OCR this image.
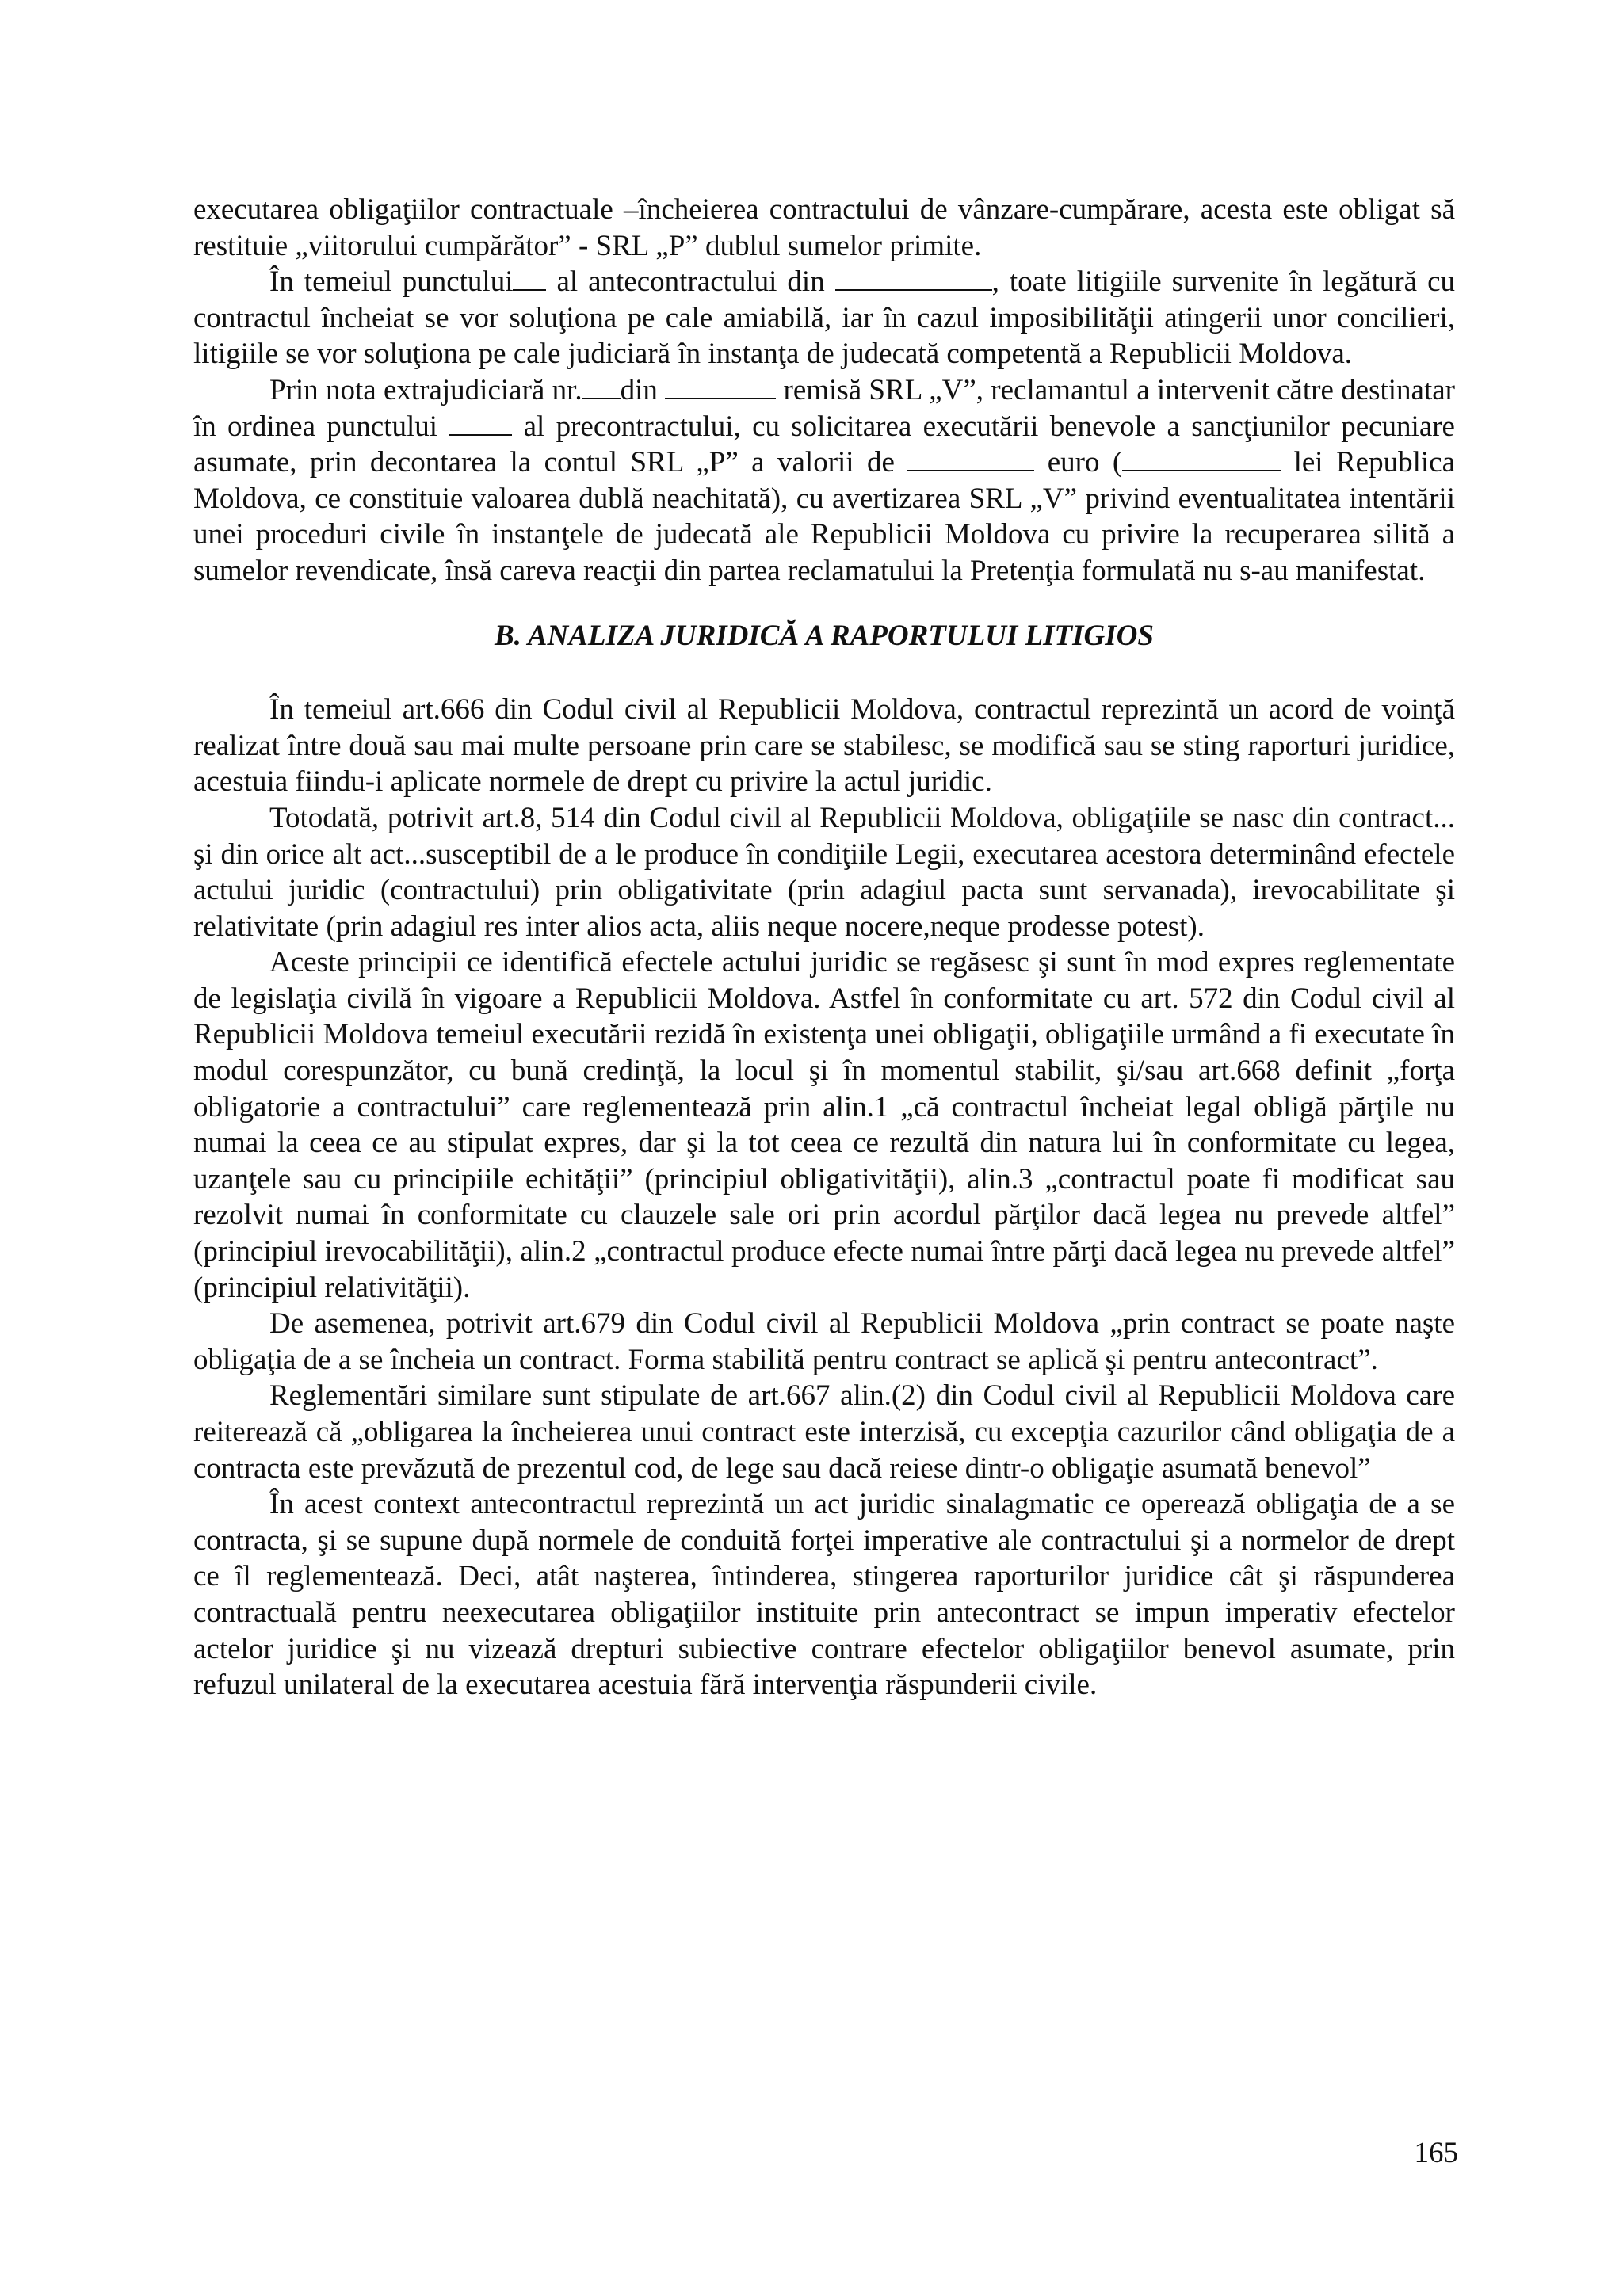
executarea obligaţiilor contractuale –încheierea contractului de vânzare-cumpărare, acesta este obligat să restituie „viitorului cumpărător” - SRL „P” dublul sumelor primite.

În temeiul punctului al antecontractului din	, toate litigiile survenite în legătură cu contractul încheiat se vor soluţiona pe cale amiabilă, iar în cazul imposibilităţii atingerii unor concilieri, litigiile se vor soluţiona pe cale judiciară în instanţa de judecată competentă a Republicii Moldova.

Prin nota extrajudiciară nr. din	remisă SRL „V”, reclamantul a intervenit către destinatar în ordinea punctului  al precontractului, cu solicitarea executării benevole a sancţiunilor pecuniare asumate, prin decontarea la contul SRL „P” a valorii de	euro (	lei Republica Moldova, ce constituie valoarea dublă neachitată), cu avertizarea SRL „V” privind eventualitatea intentării unei proceduri civile în instanţele de judecată ale Republicii Moldova cu privire la recuperarea silită a sumelor revendicate, însă careva reacţii din partea reclamatului la Pretenţia formulată nu s-au manifestat.

B. ANALIZA JURIDICĂ A RAPORTULUI LITIGIOS

În temeiul art.666 din Codul civil al Republicii Moldova, contractul reprezintă un acord de voinţă realizat între două sau mai multe persoane prin care se stabilesc, se modifică sau se sting raporturi juridice, acestuia fiindu-i aplicate normele de drept cu privire la actul juridic.

Totodată, potrivit art.8, 514 din Codul civil al Republicii Moldova, obligaţiile se nasc din contract... şi din orice alt act...susceptibil de a le produce în condiţiile Legii, executarea acestora determinând efectele actului juridic (contractului) prin obligativitate (prin adagiul pacta sunt servanada), irevocabilitate şi relativitate (prin adagiul res inter alios acta, aliis neque nocere,neque prodesse potest).

Aceste principii ce identifică efectele actului juridic se regăsesc şi sunt în mod expres reglementate de legislaţia civilă în vigoare a Republicii Moldova. Astfel în conformitate cu art. 572 din Codul civil al Republicii Moldova temeiul executării rezidă în existenţa unei obligaţii, obligaţiile urmând a fi executate în modul corespunzător, cu bună credinţă, la locul şi în momentul stabilit, şi/sau art.668 definit „forţa obligatorie a contractului” care reglementează prin alin.1 „că contractul încheiat legal obligă părţile nu numai la ceea ce au stipulat expres, dar şi la tot ceea ce rezultă din natura lui în conformitate cu legea, uzanţele sau cu principiile echităţii” (principiul obligativităţii), alin.3 „contractul poate fi modificat sau rezolvit numai în conformitate cu clauzele sale ori prin acordul părţilor dacă legea nu prevede altfel” (principiul irevocabilităţii), alin.2 „contractul produce efecte numai între părţi dacă legea nu prevede altfel” (principiul relativităţii).

De asemenea, potrivit art.679 din Codul civil al Republicii Moldova „prin contract se poate naşte obligaţia de a se încheia un contract. Forma stabilită pentru contract se aplică şi pentru antecontract”.

Reglementări similare sunt stipulate de art.667 alin.(2) din Codul civil al Republicii Moldova care reiterează că „obligarea la încheierea unui contract este interzisă, cu excepţia cazurilor când obligaţia de a contracta este prevăzută de prezentul cod, de lege sau dacă reiese dintr-o obligaţie asumată benevol”

În acest context antecontractul reprezintă un act juridic sinalagmatic ce operează obligaţia de a se contracta, şi se supune după normele de conduită forţei imperative ale contractului şi a normelor de drept ce îl reglementează. Deci, atât naşterea, întinderea, stingerea raporturilor juridice cât şi răspunderea contractuală pentru neexecutarea obligaţiilor instituite prin antecontract se impun imperativ efectelor actelor juridice şi nu vizează drepturi subiective contrare efectelor obligaţiilor benevol asumate, prin refuzul unilateral de la executarea acestuia fără intervenţia răspunderii civile.

165
